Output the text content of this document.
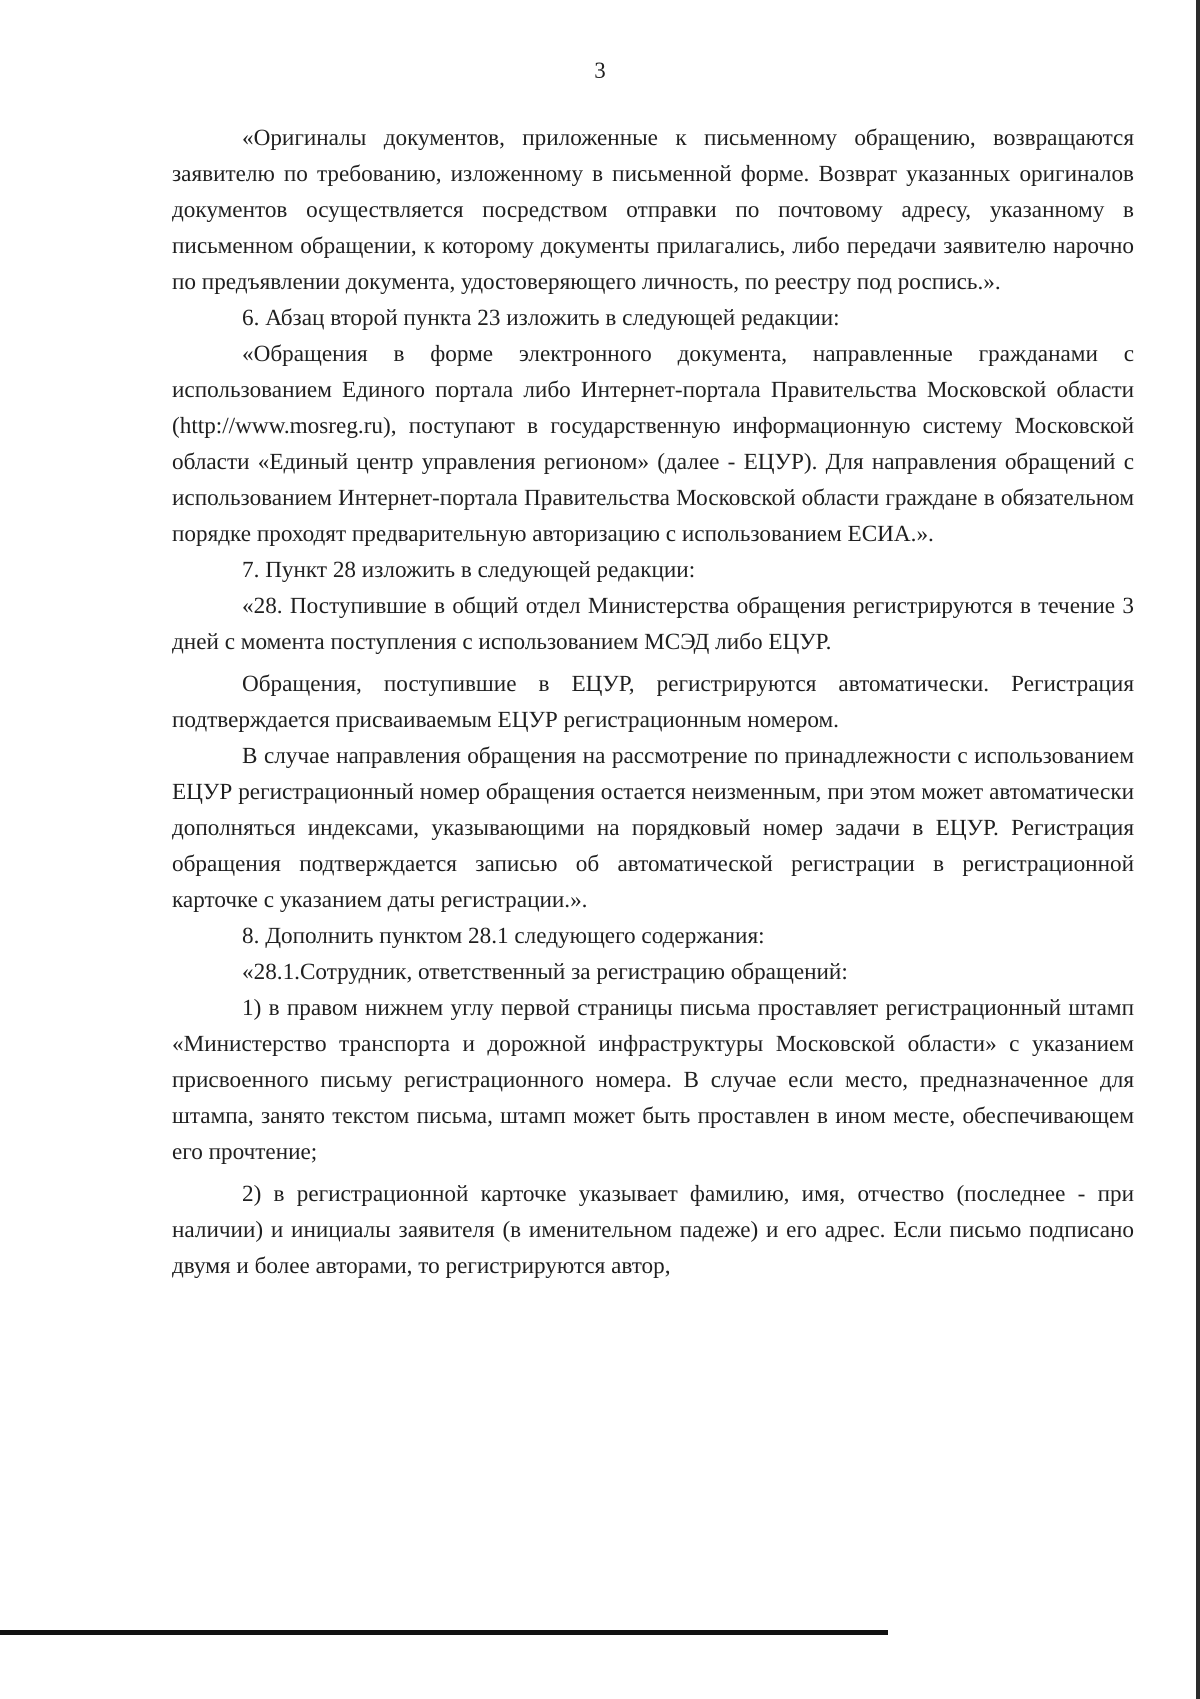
3

«Оригиналы документов, приложенные к письменному обращению, возвращаются заявителю по требованию, изложенному в письменной форме. Возврат указанных оригиналов документов осуществляется посредством отправки по почтовому адресу, указанному в письменном обращении, к которому документы прилагались, либо передачи заявителю нарочно по предъявлении документа, удостоверяющего личность, по реестру под роспись.».

6. Абзац второй пункта 23 изложить в следующей редакции:

«Обращения в форме электронного документа, направленные гражданами с использованием Единого портала либо Интернет-портала Правительства Московской области (http://www.mosreg.ru), поступают в государственную информационную систему Московской области «Единый центр управления регионом» (далее - ЕЦУР). Для направления обращений с использованием Интернет-портала Правительства Московской области граждане в обязательном порядке проходят предварительную авторизацию с использованием ЕСИА.».

7. Пункт 28 изложить в следующей редакции:

«28. Поступившие в общий отдел Министерства обращения регистрируются в течение 3 дней с момента поступления с использованием МСЭД либо ЕЦУР.

Обращения, поступившие в ЕЦУР, регистрируются автоматически. Регистрация подтверждается присваиваемым ЕЦУР регистрационным номером.

В случае направления обращения на рассмотрение по принадлежности с использованием ЕЦУР регистрационный номер обращения остается неизменным, при этом может автоматически дополняться индексами, указывающими на порядковый номер задачи в ЕЦУР. Регистрация обращения подтверждается записью об автоматической регистрации в регистрационной карточке с указанием даты регистрации.».

8. Дополнить пунктом 28.1 следующего содержания:

«28.1.Сотрудник, ответственный за регистрацию обращений:

1) в правом нижнем углу первой страницы письма проставляет регистрационный штамп «Министерство транспорта и дорожной инфраструктуры Московской области» с указанием присвоенного письму регистрационного номера. В случае если место, предназначенное для штампа, занято текстом письма, штамп может быть проставлен в ином месте, обеспечивающем его прочтение;

2) в регистрационной карточке указывает фамилию, имя, отчество (последнее - при наличии) и инициалы заявителя (в именительном падеже) и его адрес. Если письмо подписано двумя и более авторами, то регистрируются автор,
